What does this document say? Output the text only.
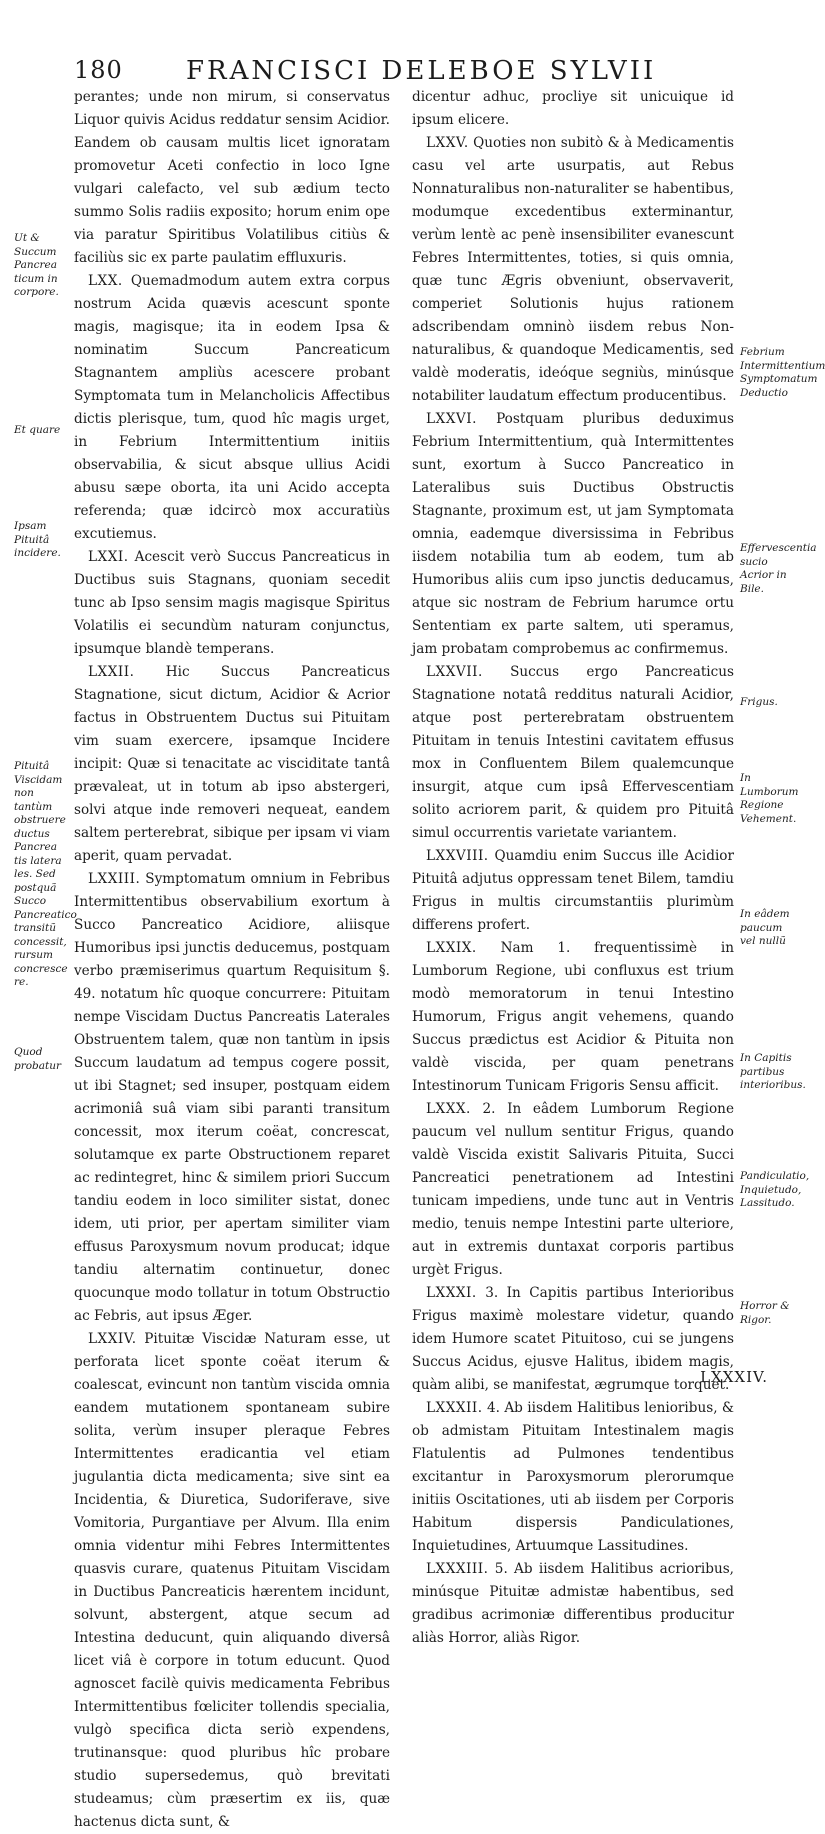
180 FRANCISCI DELEBOE SYLVII

perantes; unde non mirum, si conservatus Liquor quivis Acidus reddatur sensim Acidior. Eandem ob causam multis licet ignoratam promovetur Aceti confectio in loco Igne vulgari calefacto, vel sub ædium tecto summo Solis radiis exposito; horum enim ope via paratur Spiritibus Volatilibus citiùs & faciliùs sic ex parte paulatim effluxuris.

LXX. Quemadmodum autem extra corpus nostrum Acida quævis acescunt sponte magis, magisque; ita in eodem Ipsa & nominatim Succum Pancreaticum Stagnantem ampliùs acescere probant Symptomata tum in Melancholicis Affectibus dictis plerisque, tum, quod hîc magis urget, in Febrium Intermittentium initiis observabilia, & sicut absque ullius Acidi abusu sæpe oborta, ita uni Acido accepta referenda; quæ idcircò mox accuratiùs excutiemus.

LXXI. Acescit verò Succus Pancreaticus in Ductibus suis Stagnans, quoniam secedit tunc ab Ipso sensim magis magisque Spiritus Volatilis ei secundùm naturam conjunctus, ipsumque blandè temperans.

LXXII. Hic Succus Pancreaticus Stagnatione, sicut dictum, Acidior & Acrior factus in Obstruentem Ductus sui Pituitam vim suam exercere, ipsamque Incidere incipit: Quæ si tenacitate ac visciditate tantâ prævaleat, ut in totum ab ipso abstergeri, solvi atque inde removeri nequeat, eandem saltem perterebrat, sibique per ipsam vi viam aperit, quam pervadat.

LXXIII. Symptomatum omnium in Febribus Intermittentibus observabilium exortum à Succo Pancreatico Acidiore, aliisque Humoribus ipsi junctis deducemus, postquam verbo præmiserimus quartum Requisitum §. 49. notatum hîc quoque concurrere: Pituitam nempe Viscidam Ductus Pancreatis Laterales Obstruentem talem, quæ non tantùm in ipsis Succum laudatum ad tempus cogere possit, ut ibi Stagnet; sed insuper, postquam eidem acrimoniâ suâ viam sibi paranti transitum concessit, mox iterum coëat, concrescat, solutamque ex parte Obstructionem reparet ac redintegret, hinc & similem priori Succum tandiu eodem in loco similiter sistat, donec idem, uti prior, per apertam similiter viam effusus Paroxysmum novum producat; idque tandiu alternatim continuetur, donec quocunque modo tollatur in totum Obstructio ac Febris, aut ipsus Æger.

LXXIV. Pituitæ Viscidæ Naturam esse, ut perforata licet sponte coëat iterum & coalescat, evincunt non tantùm viscida omnia eandem mutationem spontaneam subire solita, verùm insuper pleraque Febres Intermittentes eradicantia vel etiam jugulantia dicta medicamenta; sive sint ea Incidentia, & Diuretica, Sudoriferave, sive Vomitoria, Purgantiave per Alvum. Illa enim omnia videntur mihi Febres Intermittentes quasvis curare, quatenus Pituitam Viscidam in Ductibus Pancreaticis hærentem incidunt, solvunt, abstergent, atque secum ad Intestina deducunt, quin aliquando diversâ licet viâ è corpore in totum educunt. Quod agnoscet facilè quivis medicamenta Febribus Intermittentibus fœliciter tollendis specialia, vulgò specifica dicta seriò expendens, trutinansque: quod pluribus hîc probare studio supersedemus, quò brevitati studeamus; cùm præsertim ex iis, quæ hactenus dicta sunt, &

dicentur adhuc, procliye sit unicuique id ipsum elicere.

LXXV. Quoties non subitò & à Medicamentis casu vel arte usurpatis, aut Rebus Nonnaturalibus non-naturaliter se habentibus, modumque excedentibus exterminantur, verùm lentè ac penè insensibiliter evanescunt Febres Intermittentes, toties, si quis omnia, quæ tunc Ægris obveniunt, observaverit, comperiet Solutionis hujus rationem adscribendam omninò iisdem rebus Non-naturalibus, & quandoque Medicamentis, sed valdè moderatis, ideóque segniùs, minúsque notabiliter laudatum effectum producentibus.

LXXVI. Postquam pluribus deduximus Febrium Intermittentium, quà Intermittentes sunt, exortum à Succo Pancreatico in Lateralibus suis Ductibus Obstructis Stagnante, proximum est, ut jam Symptomata omnia, eademque diversissima in Febribus iisdem notabilia tum ab eodem, tum ab Humoribus aliis cum ipso junctis deducamus, atque sic nostram de Febrium harumce ortu Sententiam ex parte saltem, uti speramus, jam probatam comprobemus ac confirmemus.

LXXVII. Succus ergo Pancreaticus Stagnatione notatâ redditus naturali Acidior, atque post perterebratam obstruentem Pituitam in tenuis Intestini cavitatem effusus mox in Confluentem Bilem qualemcunque insurgit, atque cum ipsâ Effervescentiam solito acriorem parit, & quidem pro Pituitâ simul occurrentis varietate variantem.

LXXVIII. Quamdiu enim Succus ille Acidior Pituitâ adjutus oppressam tenet Bilem, tamdiu Frigus in multis circumstantiis plurimùm differens profert.

LXXIX. Nam 1. frequentissimè in Lumborum Regione, ubi confluxus est trium modò memoratorum in tenui Intestino Humorum, Frigus angit vehemens, quando Succus prædictus est Acidior & Pituita non valdè viscida, per quam penetrans Intestinorum Tunicam Frigoris Sensu afficit.

LXXX. 2. In eâdem Lumborum Regione paucum vel nullum sentitur Frigus, quando valdè Viscida existit Salivaris Pituita, Succi Pancreatici penetrationem ad Intestini tunicam impediens, unde tunc aut in Ventris medio, tenuis nempe Intestini parte ulteriore, aut in extremis duntaxat corporis partibus urgèt Frigus.

LXXXI. 3. In Capitis partibus Interioribus Frigus maximè molestare videtur, quando idem Humore scatet Pituitoso, cui se jungens Succus Acidus, ejusve Halitus, ibidem magis, quàm alibi, se manifestat, ægrumque torquet.

LXXXII. 4. Ab iisdem Halitibus lenioribus, & ob admistam Pituitam Intestinalem magis Flatulentis ad Pulmones tendentibus excitantur in Paroxysmorum plerorumque initiis Oscitationes, uti ab iisdem per Corporis Habitum dispersis Pandiculationes, Inquietudines, Artuumque Lassitudines.

LXXXIII. 5. Ab iisdem Halitibus acrioribus, minúsque Pituitæ admistæ habentibus, sed gradibus acrimoniæ differentibus producitur aliàs Horror, aliàs Rigor.

Ut & Succum Pancrea ticum in corpore.
Et quare
Ipsam Pituitâ incidere.
Pituitâ Viscidam non tantùm obstruere ductus Pancrea tis latera les. Sed postquã Succo Pancreatico transitũ concessit, rursum concresce re.
Quod probatur
Febrium Intermittentium Symptomatum Deductio
Effervescentia sucio Acrior in Bile.
Frigus.
In Lumborum Regione Vehement.
In eâdem paucum vel nullũ
In Capitis partibus interioribus.
Pandiculatio, Inquietudo, Lassitudo.
Horror & Rigor.
LXXXIV.
